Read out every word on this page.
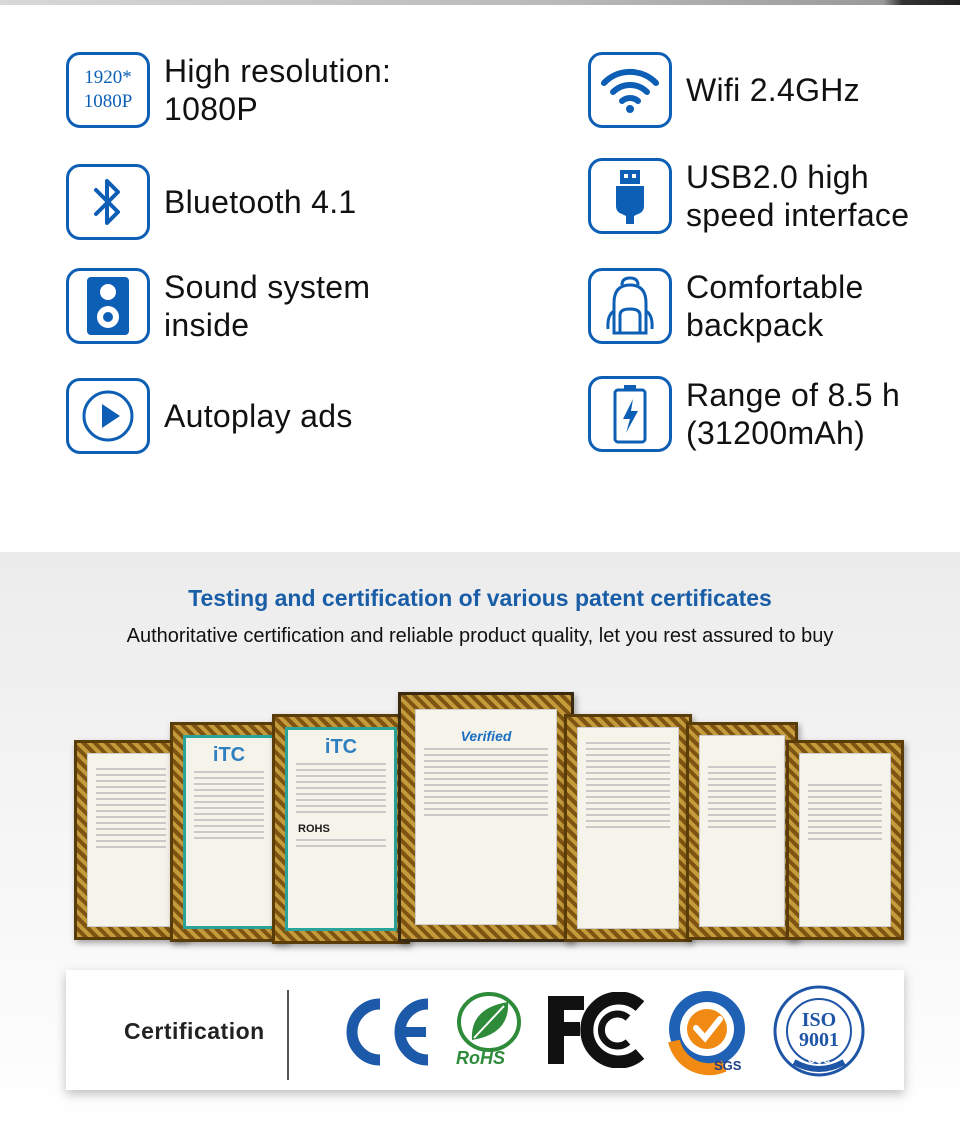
1920*
1080P
High resolution:
1080P
Wifi 2.4GHz
Bluetooth 4.1
USB2.0 high
speed interface
Sound system
inside
Comfortable
backpack
Autoplay ads
Range of 8.5 h
(31200mAh)
Testing and certification of various patent certificates
Authoritative certification and reliable product quality, let you rest assured to buy
iTC	iTC
ROHS
Verified
Certification
RoHS	SGS
ISO
9001
CQC
